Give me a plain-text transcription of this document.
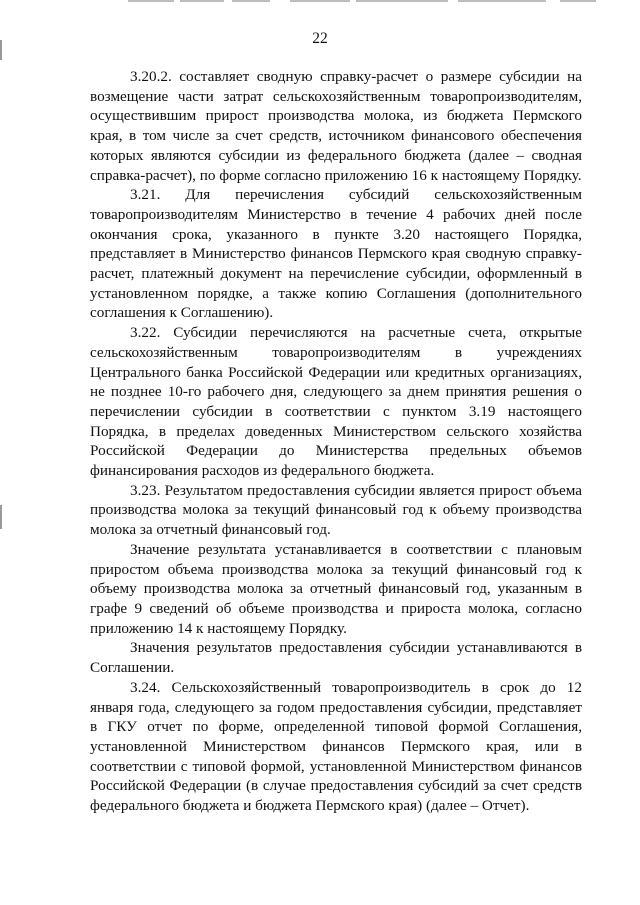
22

3.20.2. составляет сводную справку-расчет о размере субсидии на возмещение части затрат сельскохозяйственным товаропроизводителям, осуществившим прирост производства молока, из бюджета Пермского края, в том числе за счет средств, источником финансового обеспечения которых являются субсидии из федерального бюджета (далее – сводная справка-расчет), по форме согласно приложению 16 к настоящему Порядку.

3.21. Для перечисления субсидий сельскохозяйственным товаропроизводителям Министерство в течение 4 рабочих дней после окончания срока, указанного в пункте 3.20 настоящего Порядка, представляет в Министерство финансов Пермского края сводную справку-расчет, платежный документ на перечисление субсидии, оформленный в установленном порядке, а также копию Соглашения (дополнительного соглашения к Соглашению).

3.22. Субсидии перечисляются на расчетные счета, открытые сельскохозяйственным товаропроизводителям в учреждениях Центрального банка Российской Федерации или кредитных организациях, не позднее 10-го рабочего дня, следующего за днем принятия решения о перечислении субсидии в соответствии с пунктом 3.19 настоящего Порядка, в пределах доведенных Министерством сельского хозяйства Российской Федерации до Министерства предельных объемов финансирования расходов из федерального бюджета.

3.23. Результатом предоставления субсидии является прирост объема производства молока за текущий финансовый год к объему производства молока за отчетный финансовый год.

Значение результата устанавливается в соответствии с плановым приростом объема производства молока за текущий финансовый год к объему производства молока за отчетный финансовый год, указанным в графе 9 сведений об объеме производства и прироста молока, согласно приложению 14 к настоящему Порядку.

Значения результатов предоставления субсидии устанавливаются в Соглашении.

3.24. Сельскохозяйственный товаропроизводитель в срок до 12 января года, следующего за годом предоставления субсидии, представляет в ГКУ отчет по форме, определенной типовой формой Соглашения, установленной Министерством финансов Пермского края, или в соответствии с типовой формой, установленной Министерством финансов Российской Федерации (в случае предоставления субсидий за счет средств федерального бюджета и бюджета Пермского края) (далее – Отчет).
